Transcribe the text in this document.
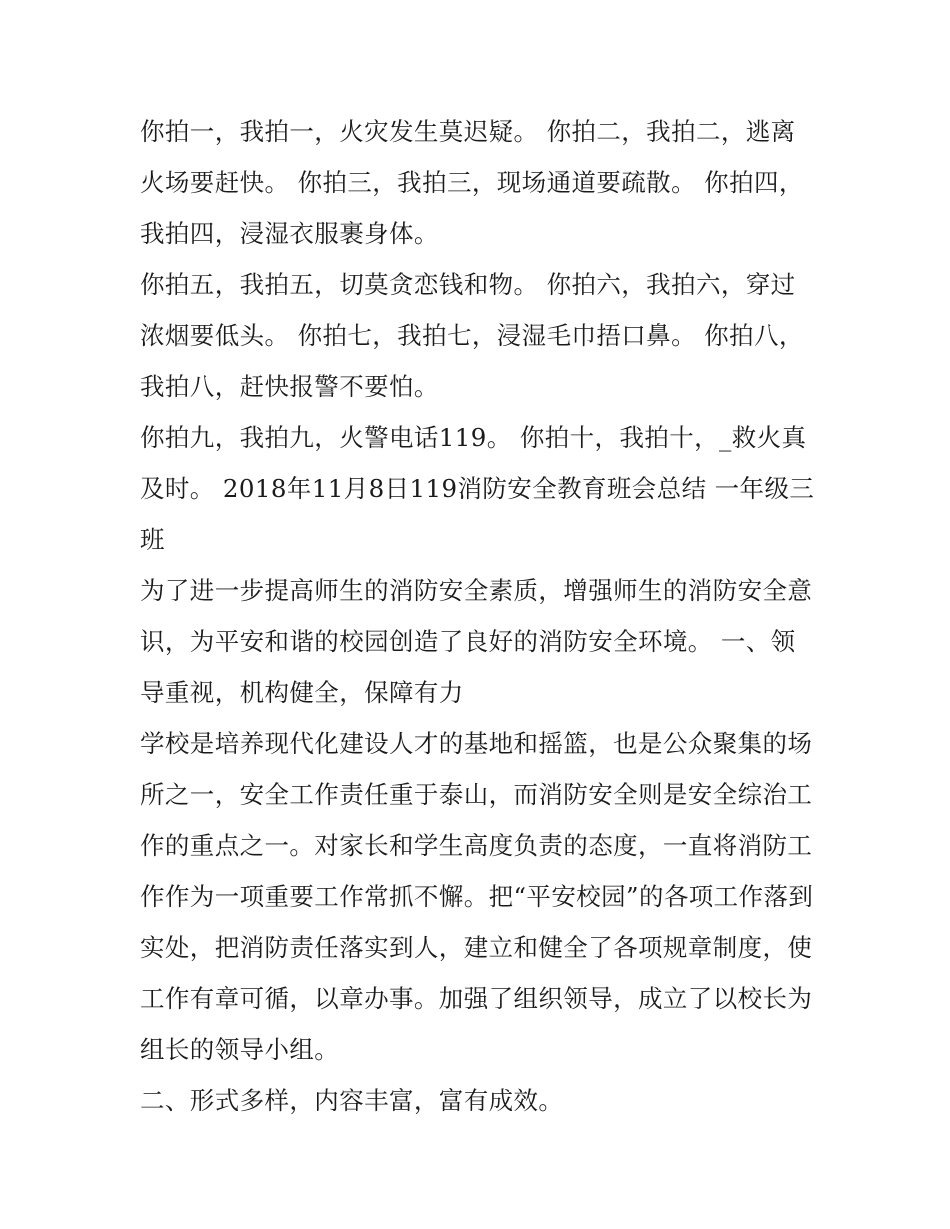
你拍一，我拍一，火灾发生莫迟疑。 你拍二，我拍二，逃离火场要赶快。 你拍三，我拍三，现场通道要疏散。 你拍四，我拍四，浸湿衣服裹身体。

你拍五，我拍五，切莫贪恋钱和物。 你拍六，我拍六，穿过浓烟要低头。 你拍七，我拍七，浸湿毛巾捂口鼻。 你拍八，我拍八，赶快报警不要怕。

你拍九，我拍九，火警电话119。 你拍十，我拍十，_救火真及时。 2018年11月8日119消防安全教育班会总结 一年级三班

为了进一步提高师生的消防安全素质，增强师生的消防安全意识，为平安和谐的校园创造了良好的消防安全环境。 一、领导重视，机构健全，保障有力

学校是培养现代化建设人才的基地和摇篮，也是公众聚集的场所之一，安全工作责任重于泰山，而消防安全则是安全综治工作的重点之一。对家长和学生高度负责的态度，一直将消防工作作为一项重要工作常抓不懈。把“平安校园”的各项工作落到实处，把消防责任落实到人，建立和健全了各项规章制度，使工作有章可循，以章办事。加强了组织领导，成立了以校长为组长的领导小组。

二、形式多样，内容丰富，富有成效。
